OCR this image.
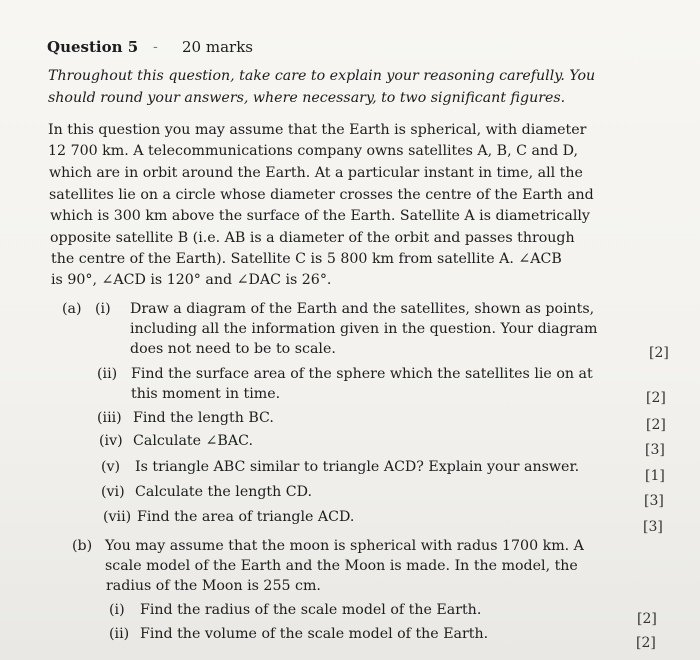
Question 5 - 20 marks
Throughout this question, take care to explain your reasoning carefully. You
should round your answers, where necessary, to two significant figures.
In this question you may assume that the Earth is spherical, with diameter
12 700 km. A telecommunications company owns satellites A, B, C and D,
which are in orbit around the Earth. At a particular instant in time, all the
satellites lie on a circle whose diameter crosses the centre of the Earth and
which is 300 km above the surface of the Earth. Satellite A is diametrically
opposite satellite B (i.e. AB is a diameter of the orbit and passes through
the centre of the Earth). Satellite C is 5 800 km from satellite A. ∠ACB
is 90°, ∠ACD is 120° and ∠DAC is 26°.
(a) (i) Draw a diagram of the Earth and the satellites, shown as points,
including all the information given in the question. Your diagram
does not need to be to scale.	[2]
(ii) Find the surface area of the sphere which the satellites lie on at
this moment in time.	[2]
(iii) Find the length BC.	[2]
(iv) Calculate ∠BAC.
[3]
(v) Is triangle ABC similar to triangle ACD? Explain your answer.
[1]
(vi) Calculate the length CD.
[3]
(vii) Find the area of triangle ACD.
[3]
(b) You may assume that the moon is spherical with radus 1700 km. A
scale model of the Earth and the Moon is made. In the model, the
radius of the Moon is 255 cm.
(i) Find the radius of the scale model of the Earth.
[2]
(ii) Find the volume of the scale model of the Earth.
[2]
